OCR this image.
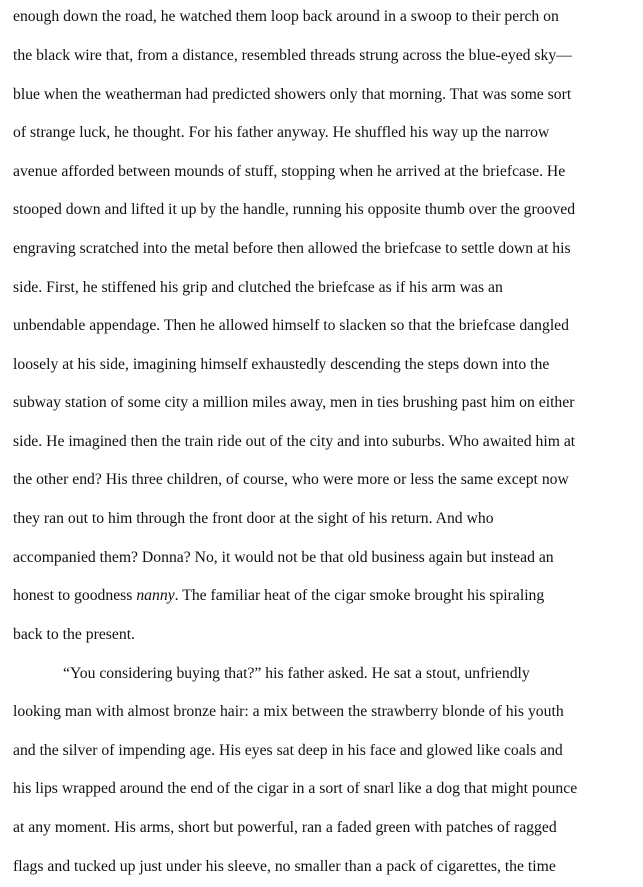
enough down the road, he watched them loop back around in a swoop to their perch on
the black wire that, from a distance, resembled threads strung across the blue-eyed sky—
blue when the weatherman had predicted showers only that morning. That was some sort
of strange luck, he thought. For his father anyway. He shuffled his way up the narrow
avenue afforded between mounds of stuff, stopping when he arrived at the briefcase. He
stooped down and lifted it up by the handle, running his opposite thumb over the grooved
engraving scratched into the metal before then allowed the briefcase to settle down at his
side. First, he stiffened his grip and clutched the briefcase as if his arm was an
unbendable appendage. Then he allowed himself to slacken so that the briefcase dangled
loosely at his side, imagining himself exhaustedly descending the steps down into the
subway station of some city a million miles away, men in ties brushing past him on either
side. He imagined then the train ride out of the city and into suburbs. Who awaited him at
the other end? His three children, of course, who were more or less the same except now
they ran out to him through the front door at the sight of his return. And who
accompanied them? Donna? No, it would not be that old business again but instead an
honest to goodness nanny. The familiar heat of the cigar smoke brought his spiraling
back to the present.
“You considering buying that?” his father asked. He sat a stout, unfriendly
looking man with almost bronze hair: a mix between the strawberry blonde of his youth
and the silver of impending age. His eyes sat deep in his face and glowed like coals and
his lips wrapped around the end of the cigar in a sort of snarl like a dog that might pounce
at any moment. His arms, short but powerful, ran a faded green with patches of ragged
flags and tucked up just under his sleeve, no smaller than a pack of cigarettes, the time
